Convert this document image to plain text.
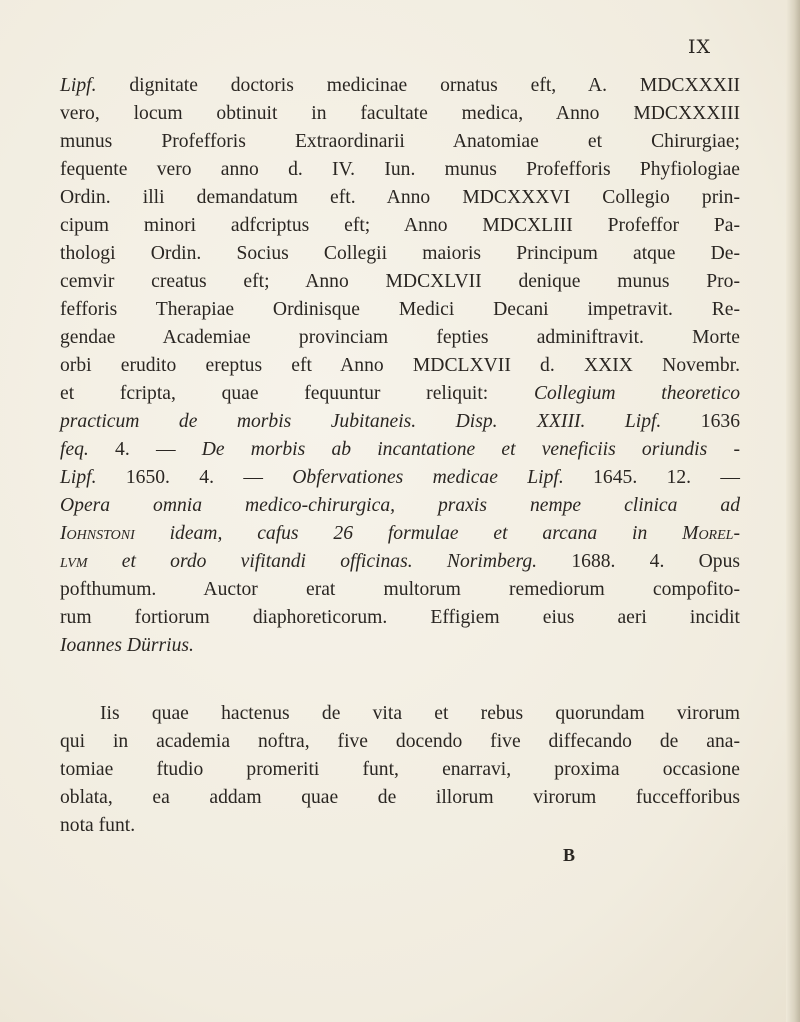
IX
Lipf. dignitate doctoris medicinae ornatus eft, A. MDCXXXII
vero, locum obtinuit in facultate medica, Anno MDCXXXIII
munus Profefforis Extraordinarii Anatomiae et Chirurgiae;
fequente vero anno d. IV. Iun. munus Profefforis Phyfiologiae
Ordin. illi demandatum eft. Anno MDCXXXVI Collegio prin-
cipum minori adfcriptus eft; Anno MDCXLIII Profeffor Pa-
thologi Ordin. Socius Collegii maioris Principum atque De-
cemvir creatus eft; Anno MDCXLVII denique munus Pro-
fefforis Therapiae Ordinisque Medici Decani impetravit. Re-
gendae Academiae provinciam fepties adminiftravit. Morte
orbi erudito ereptus eft Anno MDCLXVII d. XXIX Novembr.
et fcripta, quae fequuntur reliquit: Collegium theoretico
practicum de morbis Jubitaneis. Disp. XXIII. Lipf. 1636
feq. 4. — De morbis ab incantatione et veneficiis oriundis -
Lipf. 1650. 4. — Obfervationes medicae Lipf. 1645. 12. —
Opera omnia medico-chirurgica, praxis nempe clinica ad
Iohnstoni ideam, cafus 26 formulae et arcana in Morel-
lvm et ordo vifitandi officinas. Norimberg. 1688. 4. Opus
pofthumum. Auctor erat multorum remediorum compofito-
rum fortiorum diaphoreticorum. Effigiem eius aeri incidit
Ioannes Dürrius.
Iis quae hactenus de vita et rebus quorundam virorum
qui in academia noftra, five docendo five diffecando de ana-
tomiae ftudio promeriti funt, enarravi, proxima occasione
oblata, ea addam quae de illorum virorum fuccefforibus
nota funt.
B
